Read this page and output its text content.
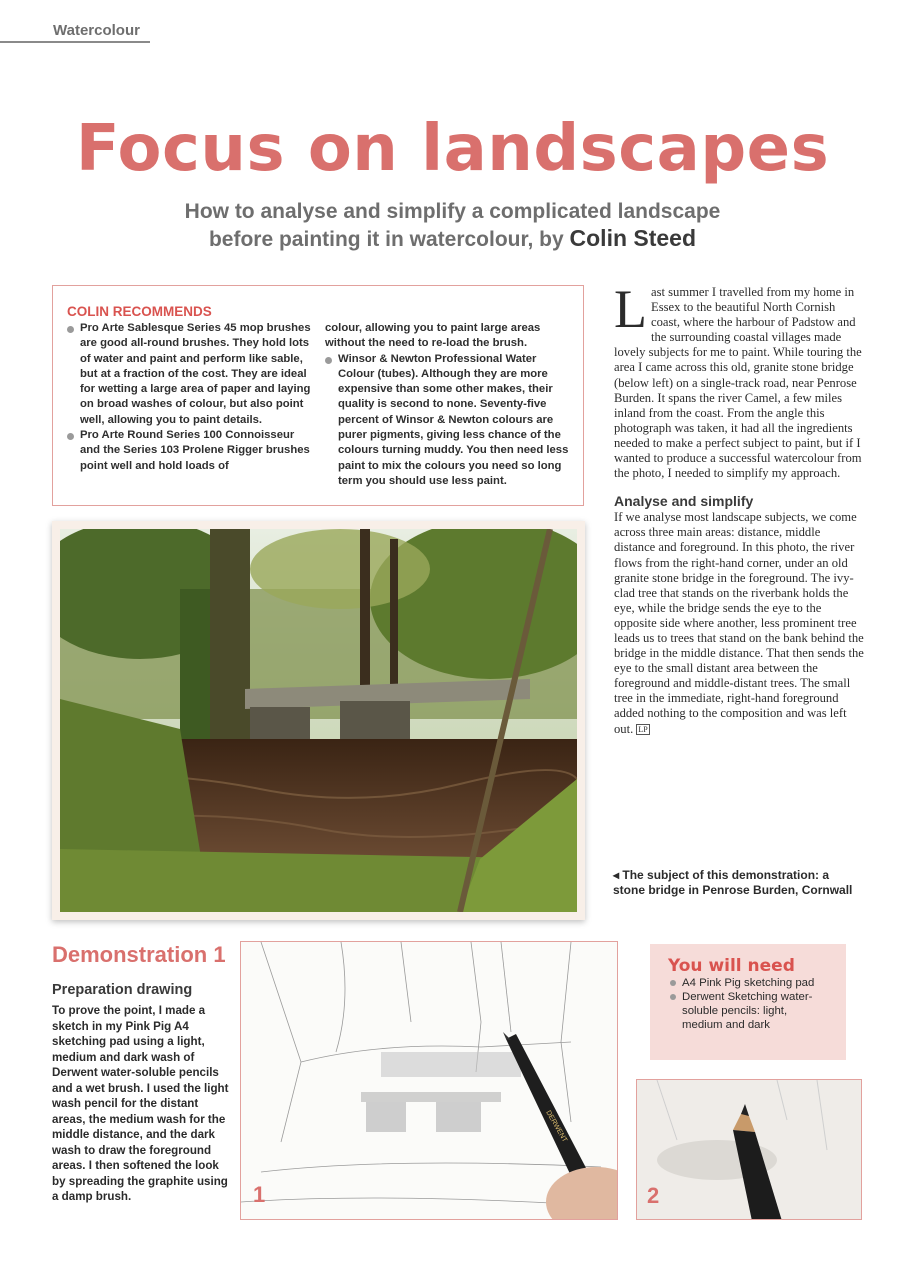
Watercolour
Focus on landscapes
How to analyse and simplify a complicated landscape
before painting it in watercolour, by Colin Steed
COLIN RECOMMENDS
Pro Arte Sablesque Series 45 mop brushes are good all-round brushes. They hold lots of water and paint and perform like sable, but at a fraction of the cost. They are ideal for wetting a large area of paper and laying on broad washes of colour, but also point well, allowing you to paint details.
Pro Arte Round Series 100 Connoisseur and the Series 103 Prolene Rigger brushes point well and hold loads of
colour, allowing you to paint large areas without the need to re-load the brush.
Winsor & Newton Professional Water Colour (tubes). Although they are more expensive than some other makes, their quality is second to none. Seventy-five percent of Winsor & Newton colours are purer pigments, giving less chance of the colours turning muddy. You then need less paint to mix the colours you need so long term you should use less paint.

Last summer I travelled from my home in Essex to the beautiful North Cornish coast, where the harbour of Padstow and the surrounding coastal villages made lovely subjects for me to paint. While touring the area I came across this old, granite stone bridge (below left) on a single-track road, near Penrose Burden. It spans the river Camel, a few miles inland from the coast. From the angle this photograph was taken, it had all the ingredients needed to make a perfect subject to paint, but if I wanted to produce a successful watercolour from the photo, I needed to simplify my approach.

Analyse and simplify

If we analyse most landscape subjects, we come across three main areas: distance, middle distance and foreground. In this photo, the river flows from the right-hand corner, under an old granite stone bridge in the foreground. The ivy-clad tree that stands on the riverbank holds the eye, while the bridge sends the eye to the opposite side where another, less prominent tree leads us to trees that stand on the bank behind the bridge in the middle distance. That then sends the eye to the small distant area between the foreground and middle-distant trees. The small tree in the immediate, right-hand foreground added nothing to the composition and was left out. LP

◂ The subject of this demonstration: a stone bridge in Penrose Burden, Cornwall
Demonstration 1
Preparation drawing

To prove the point, I made a sketch in my Pink Pig A4 sketching pad using a light, medium and dark wash of Derwent water-soluble pencils and a wet brush. I used the light wash pencil for the distant areas, the medium wash for the middle distance, and the dark wash to draw the foreground areas. I then softened the look by spreading the graphite using a damp brush.

DERWENT
1
You will need
A4 Pink Pig sketching pad
Derwent Sketching water-soluble pencils: light, medium and dark
2
